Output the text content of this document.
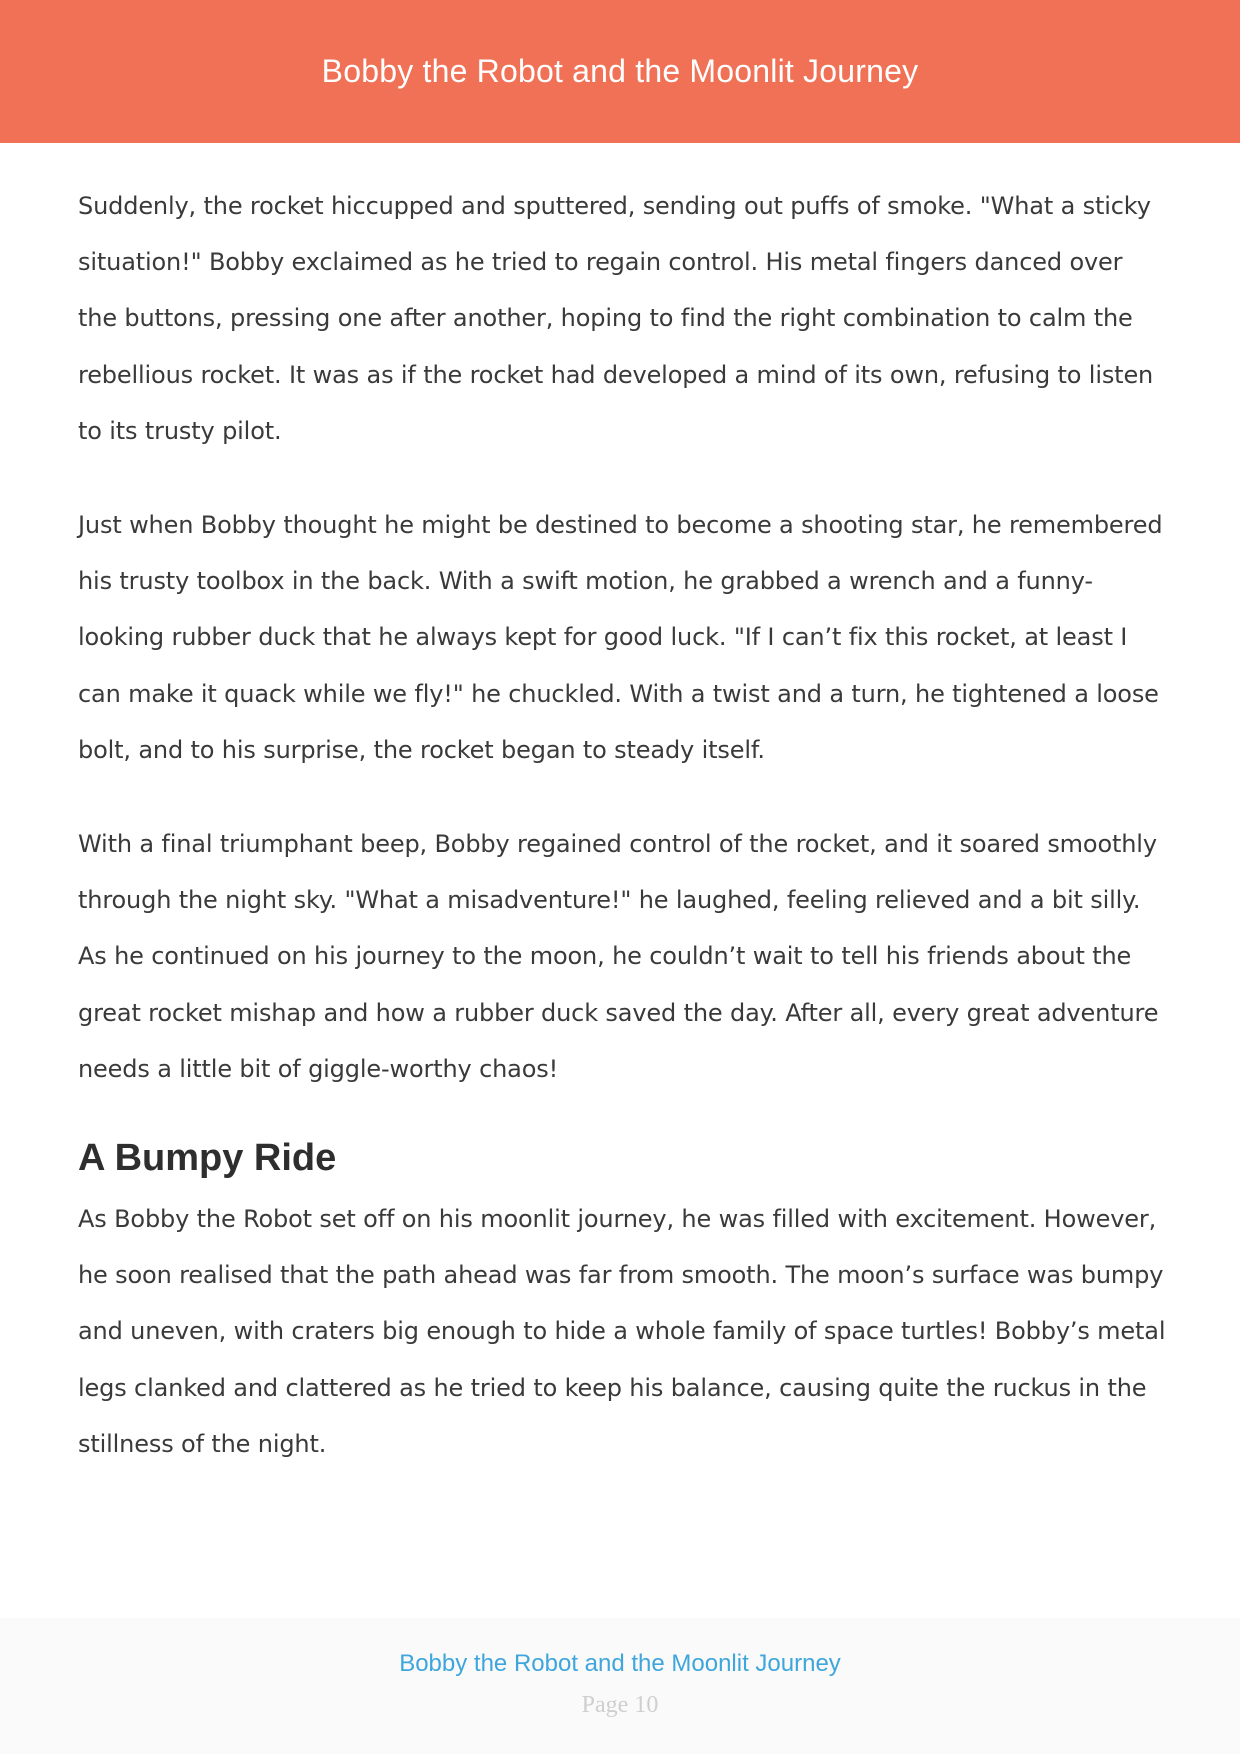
Bobby the Robot and the Moonlit Journey

Suddenly, the rocket hiccupped and sputtered, sending out puffs of smoke. "What a sticky situation!" Bobby exclaimed as he tried to regain control. His metal fingers danced over the buttons, pressing one after another, hoping to find the right combination to calm the rebellious rocket. It was as if the rocket had developed a mind of its own, refusing to listen to its trusty pilot.

Just when Bobby thought he might be destined to become a shooting star, he remembered his trusty toolbox in the back. With a swift motion, he grabbed a wrench and a funny-looking rubber duck that he always kept for good luck. "If I can’t fix this rocket, at least I can make it quack while we fly!" he chuckled. With a twist and a turn, he tightened a loose bolt, and to his surprise, the rocket began to steady itself.

With a final triumphant beep, Bobby regained control of the rocket, and it soared smoothly through the night sky. "What a misadventure!" he laughed, feeling relieved and a bit silly. As he continued on his journey to the moon, he couldn’t wait to tell his friends about the great rocket mishap and how a rubber duck saved the day. After all, every great adventure needs a little bit of giggle-worthy chaos!

A Bumpy Ride

As Bobby the Robot set off on his moonlit journey, he was filled with excitement. However, he soon realised that the path ahead was far from smooth. The moon’s surface was bumpy and uneven, with craters big enough to hide a whole family of space turtles! Bobby’s metal legs clanked and clattered as he tried to keep his balance, causing quite the ruckus in the stillness of the night.

Bobby the Robot and the Moonlit Journey
Page 10
